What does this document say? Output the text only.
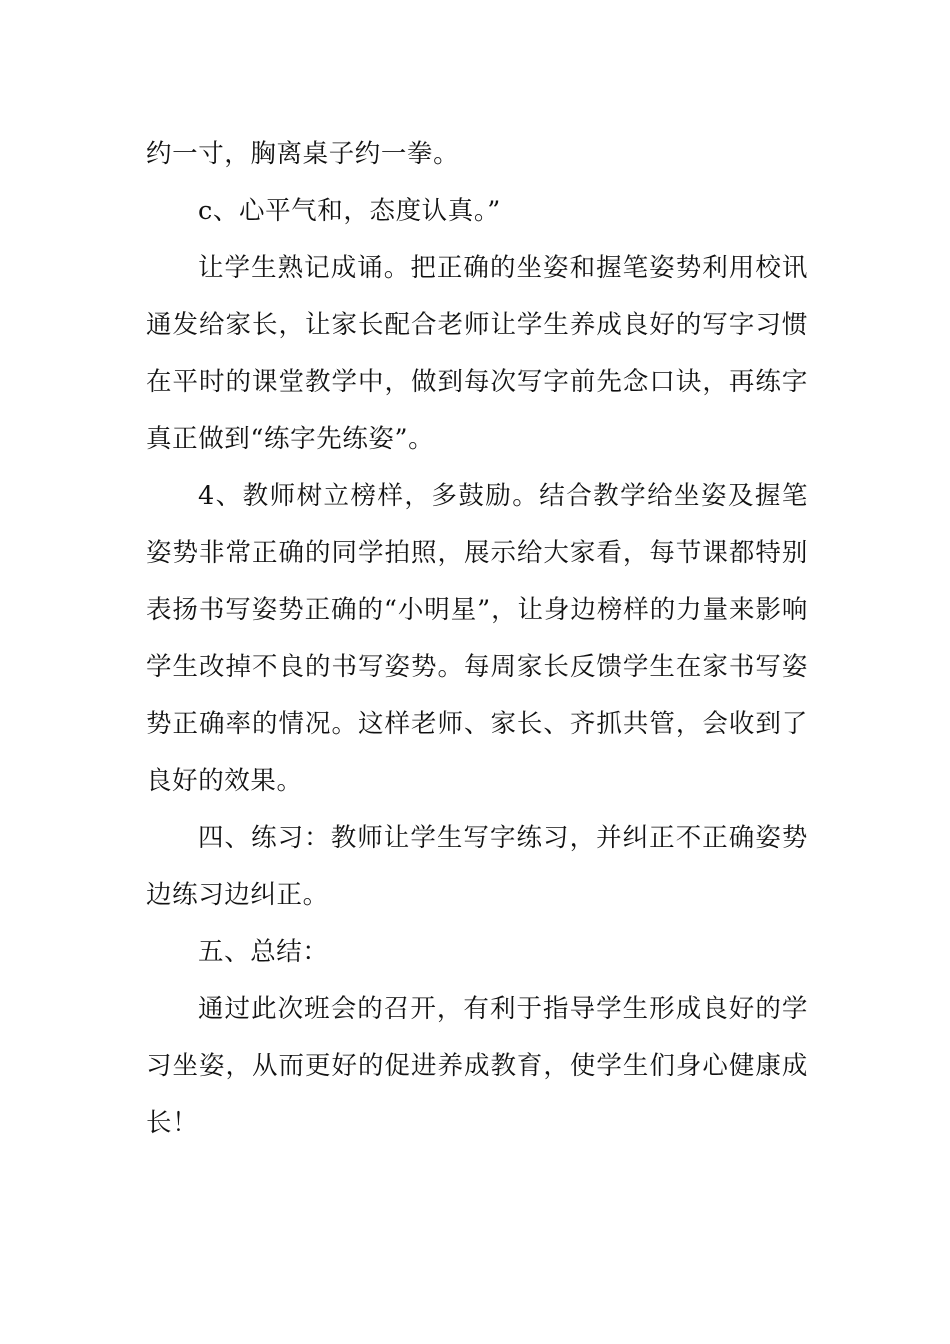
约一寸，胸离桌子约一拳。

c、心平气和，态度认真。”

让学生熟记成诵。把正确的坐姿和握笔姿势利用校讯通发给家长，让家长配合老师让学生养成良好的写字习惯在平时的课堂教学中，做到每次写字前先念口诀，再练字真正做到“练字先练姿”。

4、教师树立榜样，多鼓励。结合教学给坐姿及握笔姿势非常正确的同学拍照，展示给大家看，每节课都特别表扬书写姿势正确的“小明星”，让身边榜样的力量来影响学生改掉不良的书写姿势。每周家长反馈学生在家书写姿势正确率的情况。这样老师、家长、齐抓共管，会收到了良好的效果。

四、练习：教师让学生写字练习，并纠正不正确姿势边练习边纠正。

五、总结：

通过此次班会的召开，有利于指导学生形成良好的学习坐姿，从而更好的促进养成教育，使学生们身心健康成长！
